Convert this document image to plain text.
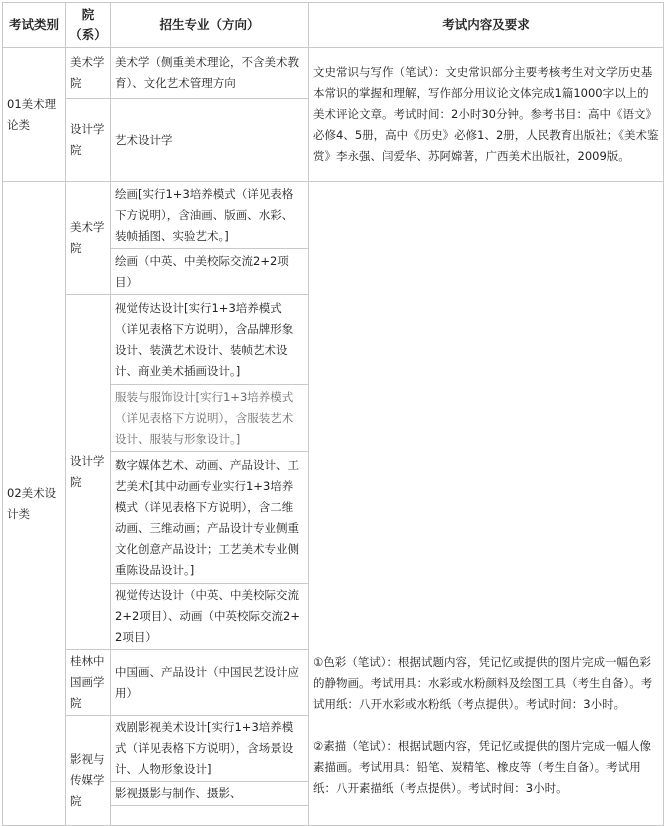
考试类别	院（系）	招生专业（方向）	考试内容及要求
01美术理论类	美术学院	美术学（侧重美术理论，不含美术教育）、文化艺术管理方向	文史常识与写作（笔试）：文史常识部分主要考核考生对文学历史基本常识的掌握和理解，写作部分用议论文体完成1篇1000字以上的美术评论文章。考试时间：2小时30分钟。参考书目：高中《语文》必修4、5册，高中《历史》必修1、2册，人民教育出版社；《美术鉴赏》李永强、闫爱华、苏阿嫦著，广西美术出版社，2009版。
	设计学院	艺术设计学	
02美术设计类	美术学院	绘画[实行1+3培养模式（详见表格下方说明），含油画、版画、水彩、装帧插图、实验艺术。]	①色彩（笔试）：根据试题内容，凭记忆或提供的图片完成一幅色彩的静物画。考试用具：水彩或水粉颜料及绘图工具（考生自备）。考试用纸：八开水彩或水粉纸（考点提供）。考试时间：3小时。
②素描（笔试）：根据试题内容，凭记忆或提供的图片完成一幅人像素描画。考试用具：铅笔、炭精笔、橡皮等（考生自备）。考试用纸：八开素描纸（考点提供）。考试时间：3小时。

		绘画（中英、中美校际交流2+2项目）	
	设计学院	视觉传达设计[实行1+3培养模式（详见表格下方说明），含品牌形象设计、装潢艺术设计、装帧艺术设计、商业美术插画设计。]	
		服装与服饰设计[实行1+3培养模式（详见表格下方说明），含服装艺术设计、服装与形象设计。]	
		数字媒体艺术、动画、产品设计、工艺美术[其中动画专业实行1+3培养模式（详见表格下方说明），含二维动画、三维动画；产品设计专业侧重文化创意产品设计；工艺美术专业侧重陈设品设计。]	
		视觉传达设计（中英、中美校际交流2+2项目）、动画（中英校际交流2+2项目）	
	桂林中国画学院	中国画、产品设计（中国民艺设计应用）	
	影视与传媒学院	戏剧影视美术设计[实行1+3培养模式（详见表格下方说明），含场景设计、人物形象设计]	
		影视摄影与制作、摄影、	
